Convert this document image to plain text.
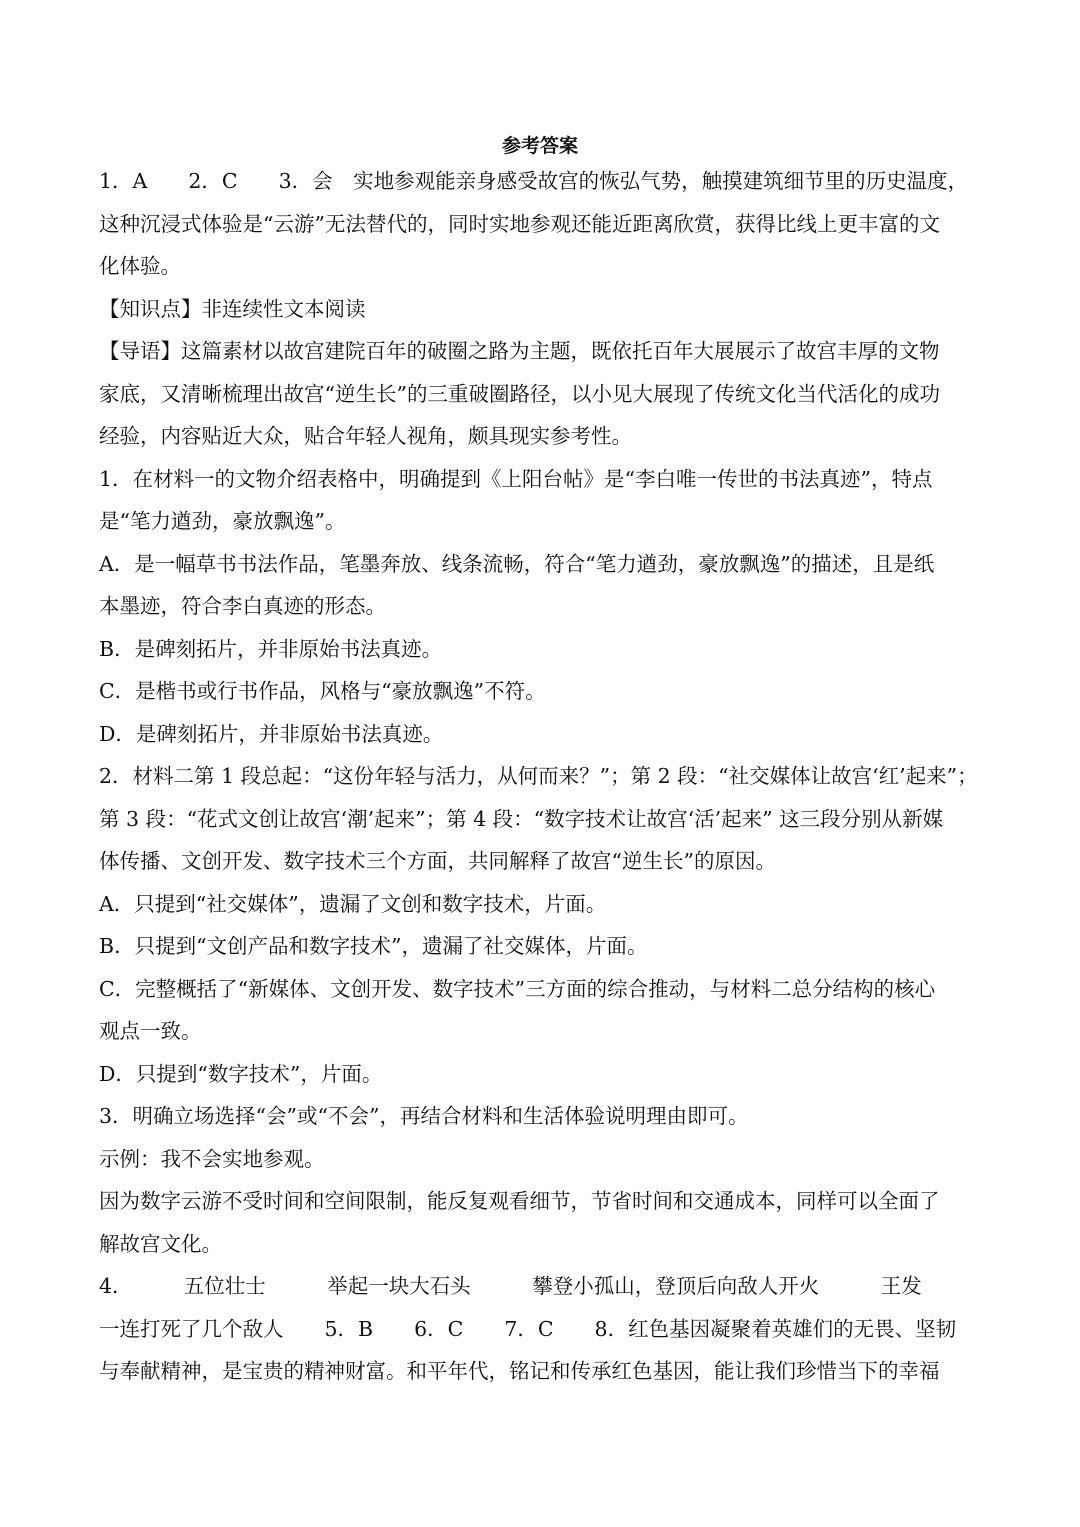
参考答案

1．A　　2．C　　3．会　实地参观能亲身感受故宫的恢弘气势，触摸建筑细节里的历史温度，

这种沉浸式体验是“云游”无法替代的，同时实地参观还能近距离欣赏，获得比线上更丰富的文

化体验。

【知识点】非连续性文本阅读

【导语】这篇素材以故宫建院百年的破圈之路为主题，既依托百年大展展示了故宫丰厚的文物

家底，又清晰梳理出故宫“逆生长”的三重破圈路径，以小见大展现了传统文化当代活化的成功

经验，内容贴近大众，贴合年轻人视角，颇具现实参考性。

1．在材料一的文物介绍表格中，明确提到《上阳台帖》是“李白唯一传世的书法真迹”，特点

是“笔力遒劲，豪放飘逸”。

A．是一幅草书书法作品，笔墨奔放、线条流畅，符合“笔力遒劲，豪放飘逸”的描述，且是纸

本墨迹，符合李白真迹的形态。

B．是碑刻拓片，并非原始书法真迹。

C．是楷书或行书作品，风格与“豪放飘逸”不符。

D．是碑刻拓片，并非原始书法真迹。

2．材料二第 1 段总起：“这份年轻与活力，从何而来？”；第 2 段：“社交媒体让故宫‘红’起来”；

第 3 段：“花式文创让故宫‘潮’起来”；第 4 段：“数字技术让故宫‘活’起来” 这三段分别从新媒

体传播、文创开发、数字技术三个方面，共同解释了故宫“逆生长”的原因。

A．只提到“社交媒体”，遗漏了文创和数字技术，片面。

B．只提到“文创产品和数字技术”，遗漏了社交媒体，片面。

C．完整概括了“新媒体、文创开发、数字技术”三方面的综合推动，与材料二总分结构的核心

观点一致。

D．只提到“数字技术”，片面。

3．明确立场选择“会”或“不会”，再结合材料和生活体验说明理由即可。

示例：我不会实地参观。

因为数字云游不受时间和空间限制，能反复观看细节，节省时间和交通成本，同样可以全面了

解故宫文化。

4．　　　五位壮士　　　举起一块大石头　　　攀登小孤山，登顶后向敌人开火　　　王发

一连打死了几个敌人　　5．B　　6．C　　7．C　　8．红色基因凝聚着英雄们的无畏、坚韧

与奉献精神，是宝贵的精神财富。和平年代，铭记和传承红色基因，能让我们珍惜当下的幸福
